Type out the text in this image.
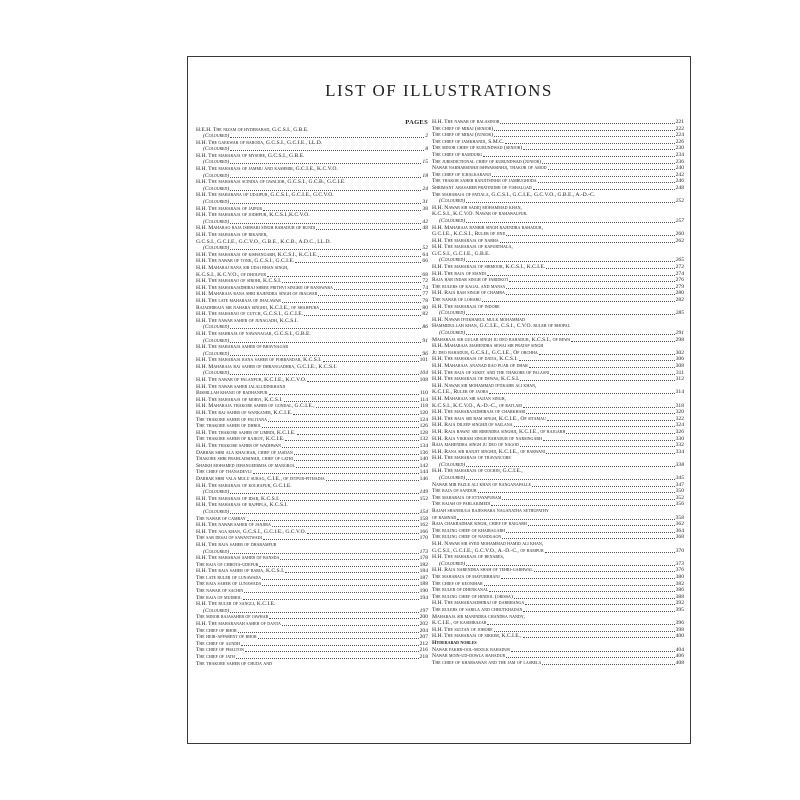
LIST OF ILLUSTRATIONS
PAGES
H.E.H. The nizam of hyderabad, G.C.S.I., G.B.E.
(Coloured)	2
H.H. The gaekwar of baroda, G.C.S.I., G.C.I.E., LL.D.
(Coloured)	8
H.H. The maharaja of mysore, G.C.S.I., G.B.E.
(Coloured)	15
H.H. The maharaja of jammu and kashmir, G.C.I.E., K.C.V.O.
(Coloured)	18
H.H. The maharaja scindia of gwalior, G.C.S.I., G.C.B., G.C.I.E.
(Coloured)	24
H.H. The maharana of udaipur, G.C.S.I., G.C.I.E., G.C.V.O.
(Coloured)	31
H.H. The maharaja of jaipur	38
H.H. The maharaja of jodhpur, K.C.S.I.,K.C.V.O.
(Coloured)	42
H.H. Maharao raja ishwari singh bahadur of bundi	48
H.H. The maharaja of bikaner,
G.C.S.I., G.C.I.E., G.C.V.O., G.B.E., K.C.B., A.D.C., LL.D.
(Coloured)	52
H.H. The maharaja of kishangarh, K.C.S.I., K.C.I.E.	64
H.H. The nawab of tonk, G.C.S.I., G.C.I.E.	66
H.H. Maharaj rana sir udai bhan singh,
K.C.S.I., K.C.V.O., of dholpur	68
H.H. The maharao of sirohi, K.C.S.I.	72
H.H. The maharajadhiraj shree prithvi singhji of banswara	74
H.H. Maharaja rana shri rajendra singh of jhalwar	77
H.H. The late maharaja of jhalawar	78
Rajadhiraja sir nahara singhji, K.C.I.E., of shahpura	80
H.H. The maharao of cutch, G.C.S.I., G.C.I.E.	82
H.H. The nawab saheb of junagadh, K.C.S.I.
(Coloured)	86
H.H. The mahraja of nawanagar, G.C.S.I., G.B.E.
(Coloured)	91
H.H. The maharaja saheb of bhavnagar
(Coloured)	96
H.H. The maharaja rana saheb of porbandar, K.C.S.I.	101
H.H. Maharaja raj saheb of dhrangadhra, G.C.I.E., K.C.S.I.
(Coloured)	104
H.H. The nawab of palanpur, K.C.I.E., K.C.V.O.	108
H.H. The nawab saheb jalaludinkhanji
Bismillah khanji of radhanpur	110
H.H. The maharaja of morvi, K.C.S.I.	114
H.H. Maharaja thakore saheb of gondal, G.C.I.E.,	118
H.H. The raj saheb of wankaner, K.C.I.E.	120
The thakore saheb of palitana	124
The thakore saheb of dhrol	126
H.H. The thakore saheb of limbdi, K.C.I.E.	128
The thakore saheb of rajkot, K.C.I.E.	132
H.H. The thakore saheb of wadhwan	134
Darbar shri ala khachar, chief of jasdan	136
Thakore shri prahladsinhji, chief of lathi	140
Shaikh mohamed jehangeermia of mangrol	142
The chief of thanadevli	144
Darbar shri vala mulu surag, C.I.E., of jetpur-pithadia	146
H.H. The maharaja of kolhapur, G.C.I.E.
(Coloured)	149
H.H. The maharaja of idar, K.C.S.I.	152
H.H. The maharaja of rajpipla, K.C.S.I.
(Coloured)	154
The nawab of cambay	158
H.H. The nawab saheb of janjira	162
H.H. The aga khan, G.C.S.I., G.C.I.E., G.C.V.O.	166
The sar desai of sawantwadi	170
H.H. The raja saheb of dharampur
(Coloured)	173
H.H. The maharaja saheb of bansda	178
The raja of chhota-udepur	182
H.H. The raja saheb of baria, K.C.S.I.	184
The late ruler of lunawada	187
The raja saheb of lunawada	188
The nawab of sachin	190
The raja of mudhol	194
H.H. The ruler of sangli, K.C.I.E.
(Coloured)	197
The minor rajasaheb of jawhar	200
H.H. The maharanah saheb of danta	202
The chief of bhor	204
The heir-apparent of bhor	207
The chief of aundh	212
The chief of phalton	216
The chief of jath	218
The thakore saheb of chuda and
H.H. The nawab of balasinor	221
The chief of miraj (senior)	222
The chief of miraj (junior)	224
The chief of jamkhandi, S.M.C.	226
The minor chief of kurundwad (senior)	230
The chief of ramdurg	234
The jurisdictional chief of kurundwad (junior)	236
Nawab narharsinhji ishwarsinhji, thakor of amod	240
The chief of ichalkaranji	242
The thakor saheb ranjitsinhji of jambughoda	246
Shrimant abasaheb pratinidhi of vishalgad	248
The maharaja of patiala, G.C.S.I., G.C.I.E., G.C.V.O., G.B.E., A.-D.-C.
(Coloured)	252
H.H. Nawab sir sadiq mohammad khan,
K.C.S.I., K.C.V.O. Nawab of bahawalpur.
(Coloured)	257
H.H. Maharaja ranbir singh rajendra bahadur,
G.C.I.E., K.C.S.I., Ruler of jind	260
H.H. The maharaja of nabha	262
H.H. The maharaja of kapurthala,
G.C.S.I., G.C.I.E., G.B.E.
(Coloured)	265
H.H. The maharaja of sirmoor, K.C.S.I., K.C.I.E.	272
H.H. The raja of mandi	274
Raja har indar singh of faridkot	276
The rulers of kagal and mansa	279
H.H. Raja ram singh of chamba	280
The nawab of loharu	282
H.H. The maharaja of indore
(Coloured)	285
H.H. Nawab iftikharul mulk mohammad
Hammidullah khan, G.C.I.E., C.S.I., C.V.O. ruler of bhopal
(Coloured)	291
Maharaja sir gulab singh ju deo bahadur, K.C.S.I., of rewa	298
H.H. Maharaja mahendra sewai sir pratap singh
Ju deo bahadur, G.C.S.I., G.C.I.E., Of orchha	302
H.H. The maharaja of datia, K.C.S.I.	306
H.H. Maharaja ananad rao puar of dhar	308
H.H. The raja of suket and the thakore of palasni	311
H.H. The maharaja of dewas, K.C.S.I.	312
H.H. Nawab sir mohammad iftikahr ali khan,
K.C.I.E., Ruler of jaora	314
H.H. Maharaja sir sajjan singh,
K.C.S.I., K.C.V.O., A.-D.-C., of ratlam	318
H.H. The maharajadhiraja of charkhari	320
H.H. The raja sir ram singh, K.C.I.E., Of sitamau	322
H.H. Raja dileep singhji of sailana	324
H.H. Raja rawat sir birendra singhji, K.C.I.E., of rajgarh	326
H.H. Raja vikram singh bahadur of narsingarh	330
Raja mahendra singh ju deo of nagod	332
H.H. Rana sir ranjit singhji, K.C.I.E., of barwani	334
H.H. The maharaja of travancore
(Coloured)	338
H.H. The maharaja of cochin, G.C.I.E.,
(Coloured)	345
Nawab mir fazle ali khan of banganapalle	347
The raja of sandur	350
The maharaja of ettayapuram	352
The rajah of parlakimedi	356
Rajah shanmuga rajeswara naganatha sethupathy
of ramnad	358
Raja chakradhar singh, chief of raigarh	362
The ruling chief of khairagarh	364
The ruling chief of nandgaon	368
H.H. Nawab sir syed mohammad hamid ali khan,
G.C.S.I., G.C.I.E., G.C.V.O., A.-D.-C., of rampur	370
H.H. The maharaja of benares,
(Coloured)	373
H.H. Raja narendra shah of tehri-garhwal	376
The maharaja of mayurbhanj	380
The chief of keonjhar	382
The ruler of dhenkanal	386
The ruling chief of hindol (orissa)	388
H.H. The maharajadhiraj of darbhanga	392
The rulers of sarila and chhutkhadan	395
Maharaja sir manindra chandra nandy,
K.C.I.E., of kasimbazar	396
H.H. The sultan of johore	398
H.H. The maharaja of sikkim, K.C.I.E.,	400
Hyderabad nobles
Nawab fakhr-ool-moolk bahadur	404
Nawab moin-ud-dowla bahadur	406
The chief of kharsawan and the jam of lasbela	408
